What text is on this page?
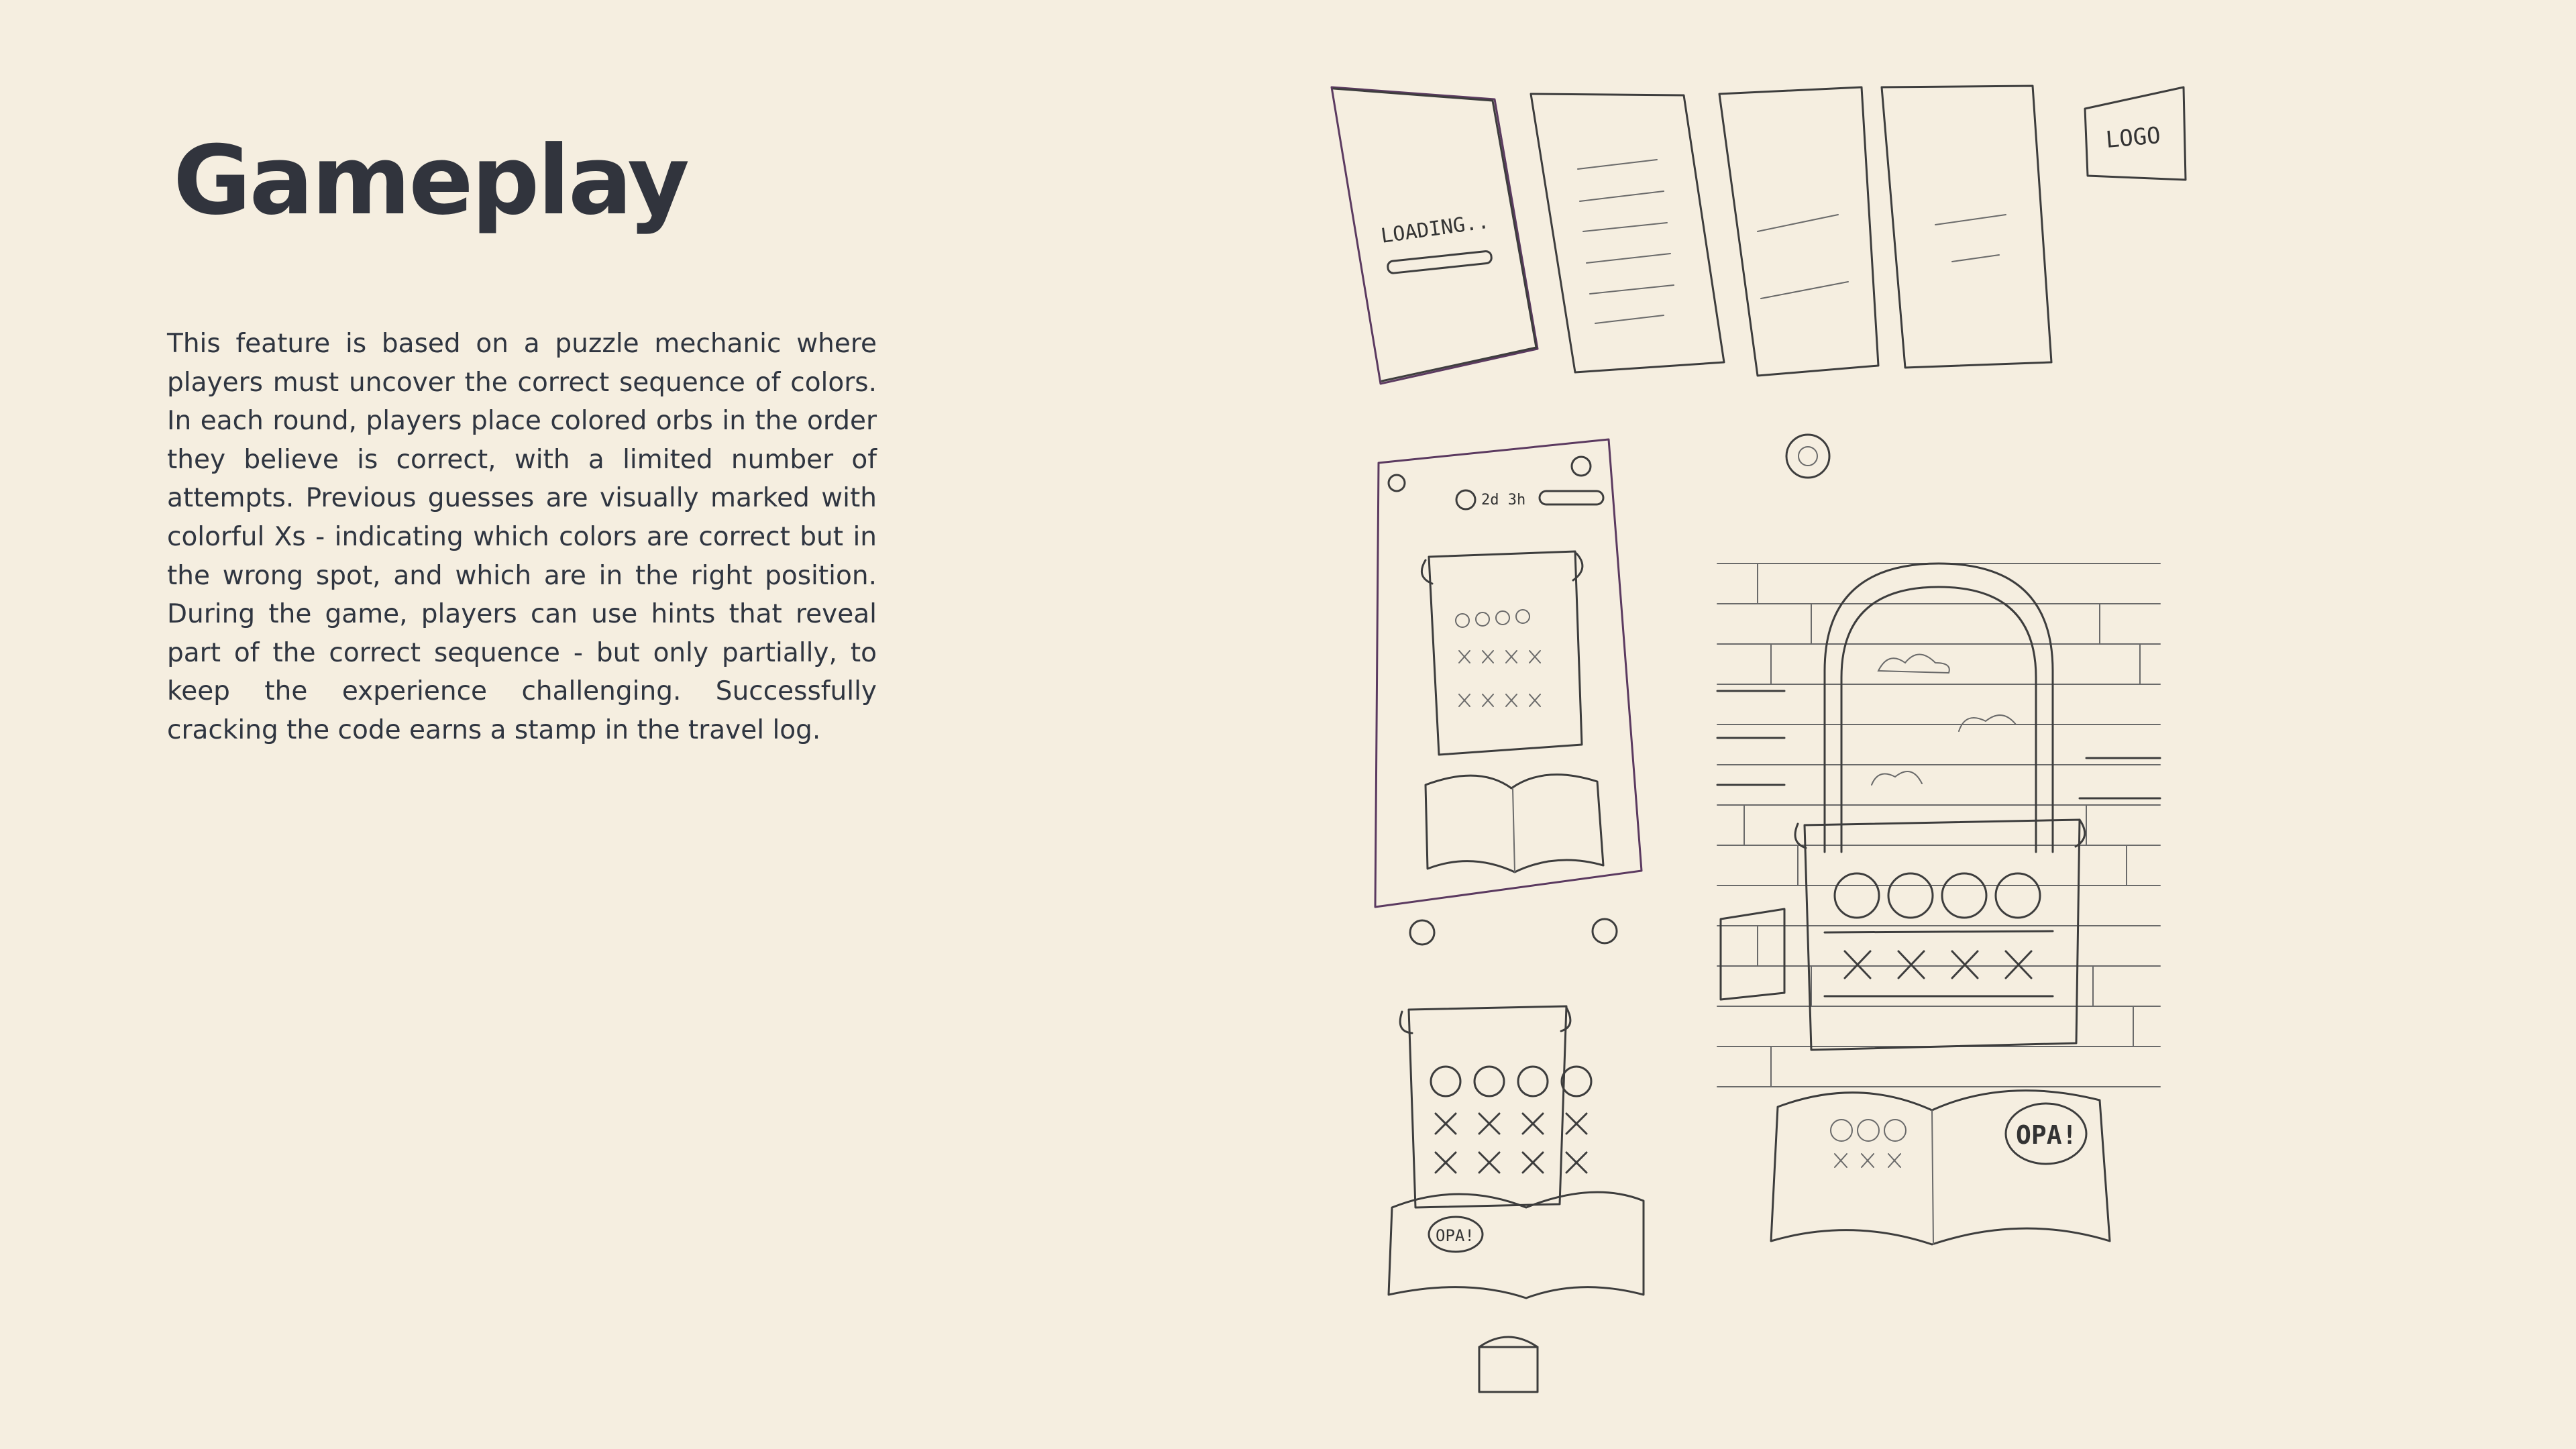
Gameplay

This feature is based on a puzzle mechanic where players must uncover the correct sequence of colors. In each round, players place colored orbs in the order they believe is correct, with a limited number of attempts. Previous guesses are visually marked with colorful Xs - indicating which colors are correct but in the wrong spot, and which are in the right position. During the game, players can use hints that reveal part of the correct sequence - but only partially, to keep the experience challenging. Successfully cracking the code earns a stamp in the travel log.

LOADING..
LOGO
2d 3h
OPA!
OPA!
